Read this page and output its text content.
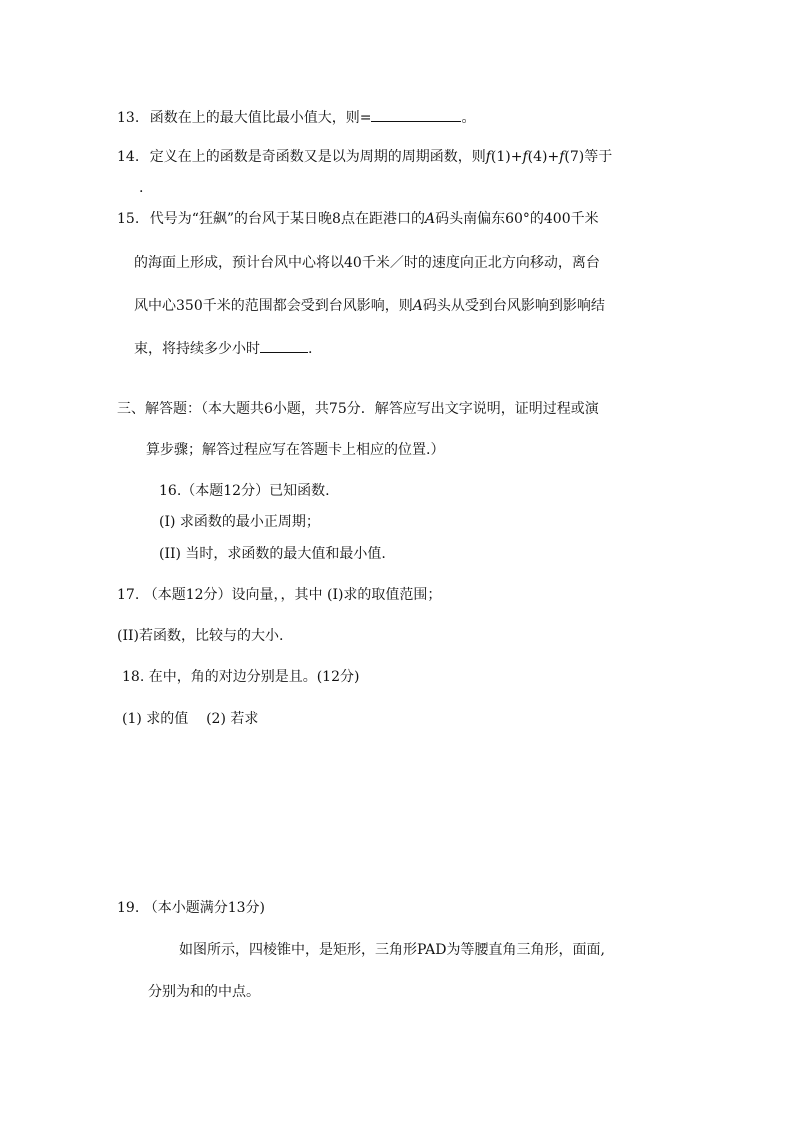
13. 函数在上的最大值比最小值大，则=	。
14. 定义在上的函数是奇函数又是以为周期的周期函数，则f(1)+f(4)+f(7)等于
.
15. 代号为“狂飙”的台风于某日晚8点在距港口的A码头南偏东60°的400千米
的海面上形成，预计台风中心将以40千米／时的速度向正北方向移动，离台
风中心350千米的范围都会受到台风影响，则A码头从受到台风影响到影响结
束，将持续多少小时	.
三、解答题：（本大题共6小题，共75分．解答应写出文字说明，证明过程或演
算步骤；解答过程应写在答题卡上相应的位置.）
16.（本题12分）已知函数.
(I) 求函数的最小正周期；
(II) 当时，求函数的最大值和最小值.
17. （本题12分）设向量，，其中 (I)求的取值范围；
(II)若函数，比较与的大小.
18. 在中，角的对边分别是且。(12分)
(1) 求的值    (2) 若求
19. （本小题满分13分)
如图所示，四棱锥中，是矩形，三角形PAD为等腰直角三角形，面面,
分别为和的中点。
